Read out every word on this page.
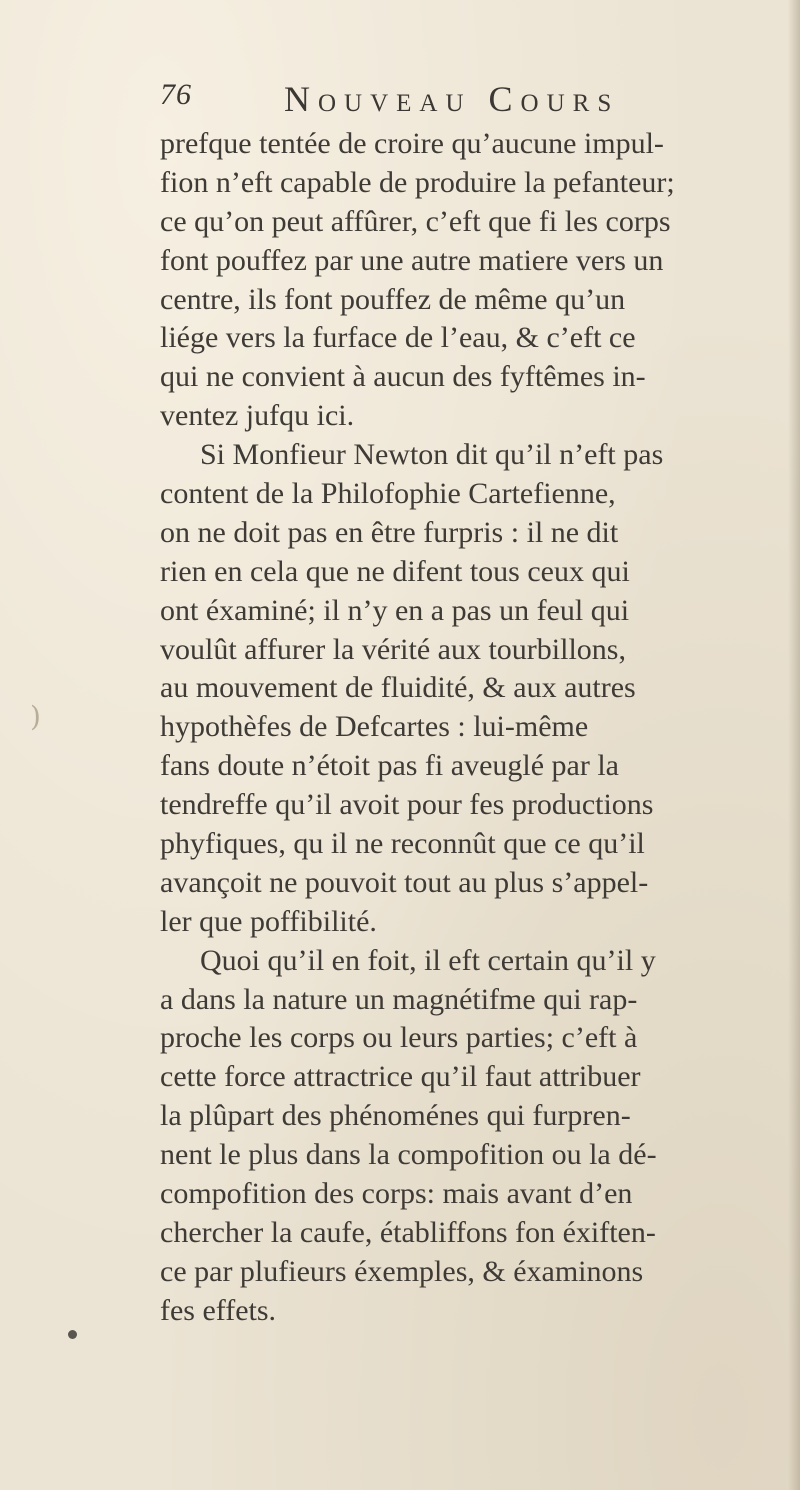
76	Nouveau Cours
prefque tentée de croire qu’aucune impul-
fion n’eft capable de produire la pefanteur;
ce qu’on peut affûrer, c’eft que fi les corps
font pouffez par une autre matiere vers un
centre, ils font pouffez de même qu’un
liége vers la furface de l’eau, & c’eft ce
qui ne convient à aucun des fyftêmes in-
ventez jufqu ici.
Si Monfieur Newton dit qu’il n’eft pas
content de la Philofophie Cartefienne,
on ne doit pas en être furpris : il ne dit
rien en cela que ne difent tous ceux qui
ont éxaminé; il n’y en a pas un feul qui
voulût affurer la vérité aux tourbillons,
au mouvement de fluidité, & aux autres
hypothèfes de Defcartes : lui-même
fans doute n’étoit pas fi aveuglé par la
tendreffe qu’il avoit pour fes productions
phyfiques, qu il ne reconnût que ce qu’il
avançoit ne pouvoit tout au plus s’appel-
ler que poffibilité.
Quoi qu’il en foit, il eft certain qu’il y
a dans la nature un magnétifme qui rap-
proche les corps ou leurs parties; c’eft à
cette force attractrice qu’il faut attribuer
la plûpart des phénoménes qui furpren-
nent le plus dans la compofition ou la dé-
compofition des corps: mais avant d’en
chercher la caufe, établiffons fon éxiften-
ce par plufieurs éxemples, & éxaminons
fes effets.
)
